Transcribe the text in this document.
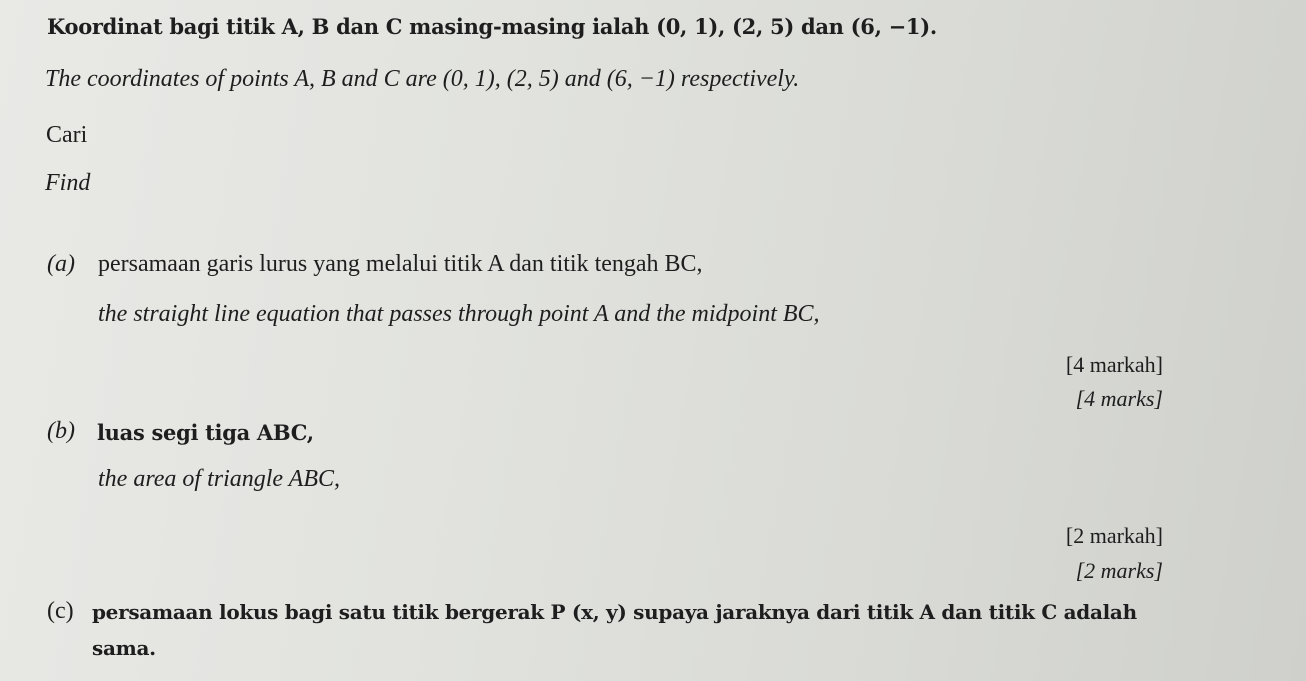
Koordinat bagi titik A, B dan C masing-masing ialah (0, 1), (2, 5) dan (6, −1).
The coordinates of points A, B and C are (0, 1), (2, 5) and (6, −1) respectively.
Cari
Find
(a) persamaan garis lurus yang melalui titik A dan titik tengah BC,
the straight line equation that passes through point A and the midpoint BC,
[4 markah]
[4 marks]
(b) luas segi tiga ABC,
the area of triangle ABC,
[2 markah]
[2 marks]
(c) persamaan lokus bagi satu titik bergerak P (x, y) supaya jaraknya dari titik A dan titik C adalah
sama.
